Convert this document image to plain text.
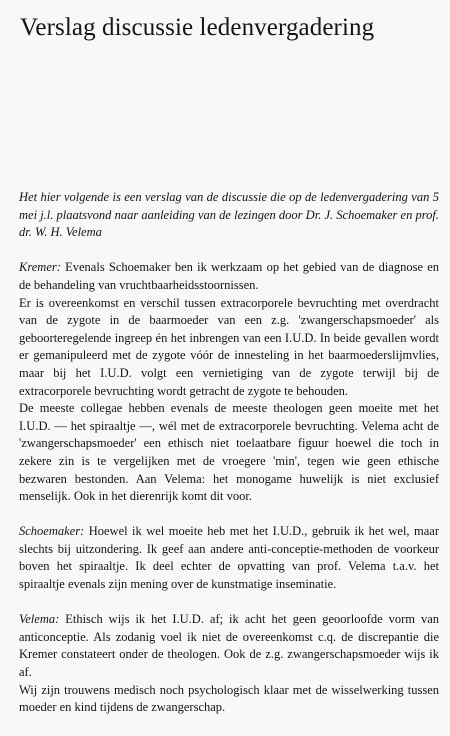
Verslag discussie ledenvergadering

Het hier volgende is een verslag van de discussie die op de ledenvergadering van 5 mei j.l. plaatsvond naar aanleiding van de lezingen door Dr. J. Schoemaker en prof. dr. W. H. Velema

Kremer: Evenals Schoemaker ben ik werkzaam op het gebied van de diagnose en de behandeling van vruchtbaarheidsstoornissen.

Er is overeenkomst en verschil tussen extracorporele bevruchting met overdracht van de zygote in de baarmoeder van een z.g. 'zwangerschapsmoeder' als geboorteregelende ingreep én het inbrengen van een I.U.D. In beide gevallen wordt er gemanipuleerd met de zygote vóór de innesteling in het baarmoederslijmvlies, maar bij het I.U.D. volgt een vernietiging van de zygote terwijl bij de extracorporele bevruchting wordt getracht de zygote te behouden.

De meeste collegae hebben evenals de meeste theologen geen moeite met het I.U.D. — het spiraaltje —, wél met de extracorporele bevruchting. Velema acht de 'zwangerschapsmoeder' een ethisch niet toelaatbare figuur hoewel die toch in zekere zin is te vergelijken met de vroegere 'min', tegen wie geen ethische bezwaren bestonden. Aan Velema: het monogame huwelijk is niet exclusief menselijk. Ook in het dierenrijk komt dit voor.

Schoemaker: Hoewel ik wel moeite heb met het I.U.D., gebruik ik het wel, maar slechts bij uitzondering. Ik geef aan andere anti-conceptie-methoden de voorkeur boven het spiraaltje. Ik deel echter de opvatting van prof. Velema t.a.v. het spiraaltje evenals zijn mening over de kunstmatige inseminatie.

Velema: Ethisch wijs ik het I.U.D. af; ik acht het geen geoorloofde vorm van anticonceptie. Als zodanig voel ik niet de overeenkomst c.q. de discrepantie die Kremer constateert onder de theologen. Ook de z.g. zwangerschapsmoeder wijs ik af.

Wij zijn trouwens medisch noch psychologisch klaar met de wisselwerking tussen moeder en kind tijdens de zwangerschap.
